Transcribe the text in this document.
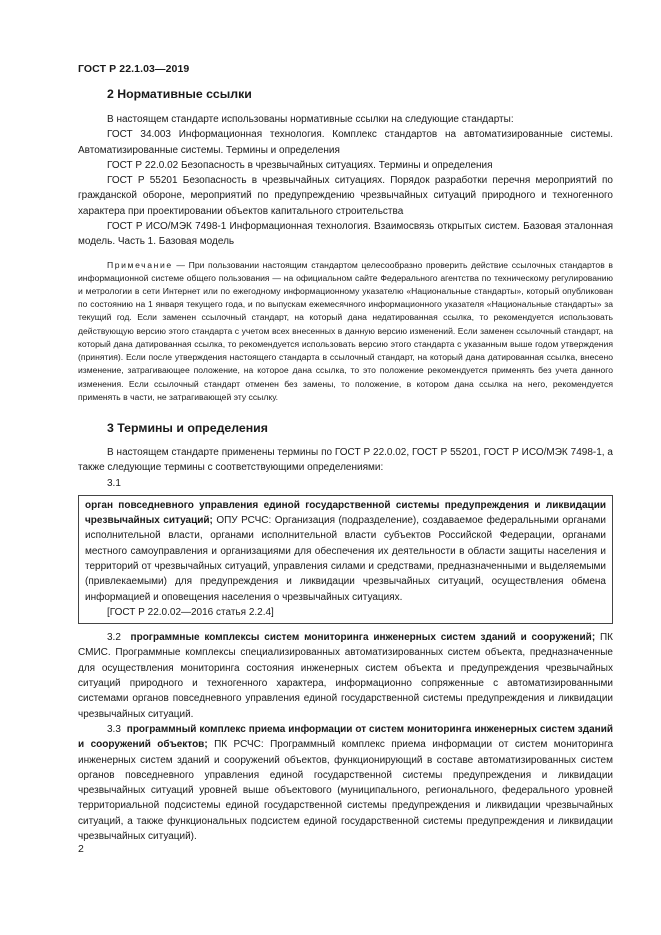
ГОСТ Р 22.1.03—2019
2 Нормативные ссылки

В настоящем стандарте использованы нормативные ссылки на следующие стандарты:

ГОСТ 34.003 Информационная технология. Комплекс стандартов на автоматизированные системы. Автоматизированные системы. Термины и определения

ГОСТ Р 22.0.02 Безопасность в чрезвычайных ситуациях. Термины и определения

ГОСТ Р 55201 Безопасность в чрезвычайных ситуациях. Порядок разработки перечня мероприятий по гражданской обороне, мероприятий по предупреждению чрезвычайных ситуаций природного и техногенного характера при проектировании объектов капитального строительства

ГОСТ Р ИСО/МЭК 7498-1 Информационная технология. Взаимосвязь открытых систем. Базовая эталонная модель. Часть 1. Базовая модель

Примечание — При пользовании настоящим стандартом целесообразно проверить действие ссылочных стандартов в информационной системе общего пользования — на официальном сайте Федерального агентства по техническому регулированию и метрологии в сети Интернет или по ежегодному информационному указателю «Национальные стандарты», который опубликован по состоянию на 1 января текущего года, и по выпускам ежемесячного информационного указателя «Национальные стандарты» за текущий год. Если заменен ссылочный стандарт, на который дана недатированная ссылка, то рекомендуется использовать действующую версию этого стандарта с учетом всех внесенных в данную версию изменений. Если заменен ссылочный стандарт, на который дана датированная ссылка, то рекомендуется использовать версию этого стандарта с указанным выше годом утверждения (принятия). Если после утверждения настоящего стандарта в ссылочный стандарт, на который дана датированная ссылка, внесено изменение, затрагивающее положение, на которое дана ссылка, то это положение рекомендуется применять без учета данного изменения. Если ссылочный стандарт отменен без замены, то положение, в котором дана ссылка на него, рекомендуется применять в части, не затрагивающей эту ссылку.
3 Термины и определения

В настоящем стандарте применены термины по ГОСТ Р 22.0.02, ГОСТ Р 55201, ГОСТ Р ИСО/МЭК 7498-1, а также следующие термины с соответствующими определениями:

3.1

орган повседневного управления единой государственной системы предупреждения и ликвидации чрезвычайных ситуаций; ОПУ РСЧС: Организация (подразделение), создаваемое федеральными органами исполнительной власти, органами исполнительной власти субъектов Российской Федерации, органами местного самоуправления и организациями для обеспечения их деятельности в области защиты населения и территорий от чрезвычайных ситуаций, управления силами и средствами, предназначенными и выделяемыми (привлекаемыми) для предупреждения и ликвидации чрезвычайных ситуаций, осуществления обмена информацией и оповещения населения о чрезвычайных ситуациях.

[ГОСТ Р 22.0.02—2016 статья 2.2.4]

3.2 программные комплексы систем мониторинга инженерных систем зданий и сооружений; ПК СМИС. Программные комплексы специализированных автоматизированных систем объекта, предназначенные для осуществления мониторинга состояния инженерных систем объекта и предупреждения чрезвычайных ситуаций природного и техногенного характера, информационно сопряженные с автоматизированными системами органов повседневного управления единой государственной системы предупреждения и ликвидации чрезвычайных ситуаций.

3.3 программный комплекс приема информации от систем мониторинга инженерных систем зданий и сооружений объектов; ПК РСЧС: Программный комплекс приема информации от систем мониторинга инженерных систем зданий и сооружений объектов, функционирующий в составе автоматизированных систем органов повседневного управления единой государственной системы предупреждения и ликвидации чрезвычайных ситуаций уровней выше объектового (муниципального, регионального, федерального уровней территориальной подсистемы единой государственной системы предупреждения и ликвидации чрезвычайных ситуаций, а также функциональных подсистем единой государственной системы предупреждения и ликвидации чрезвычайных ситуаций).

2
